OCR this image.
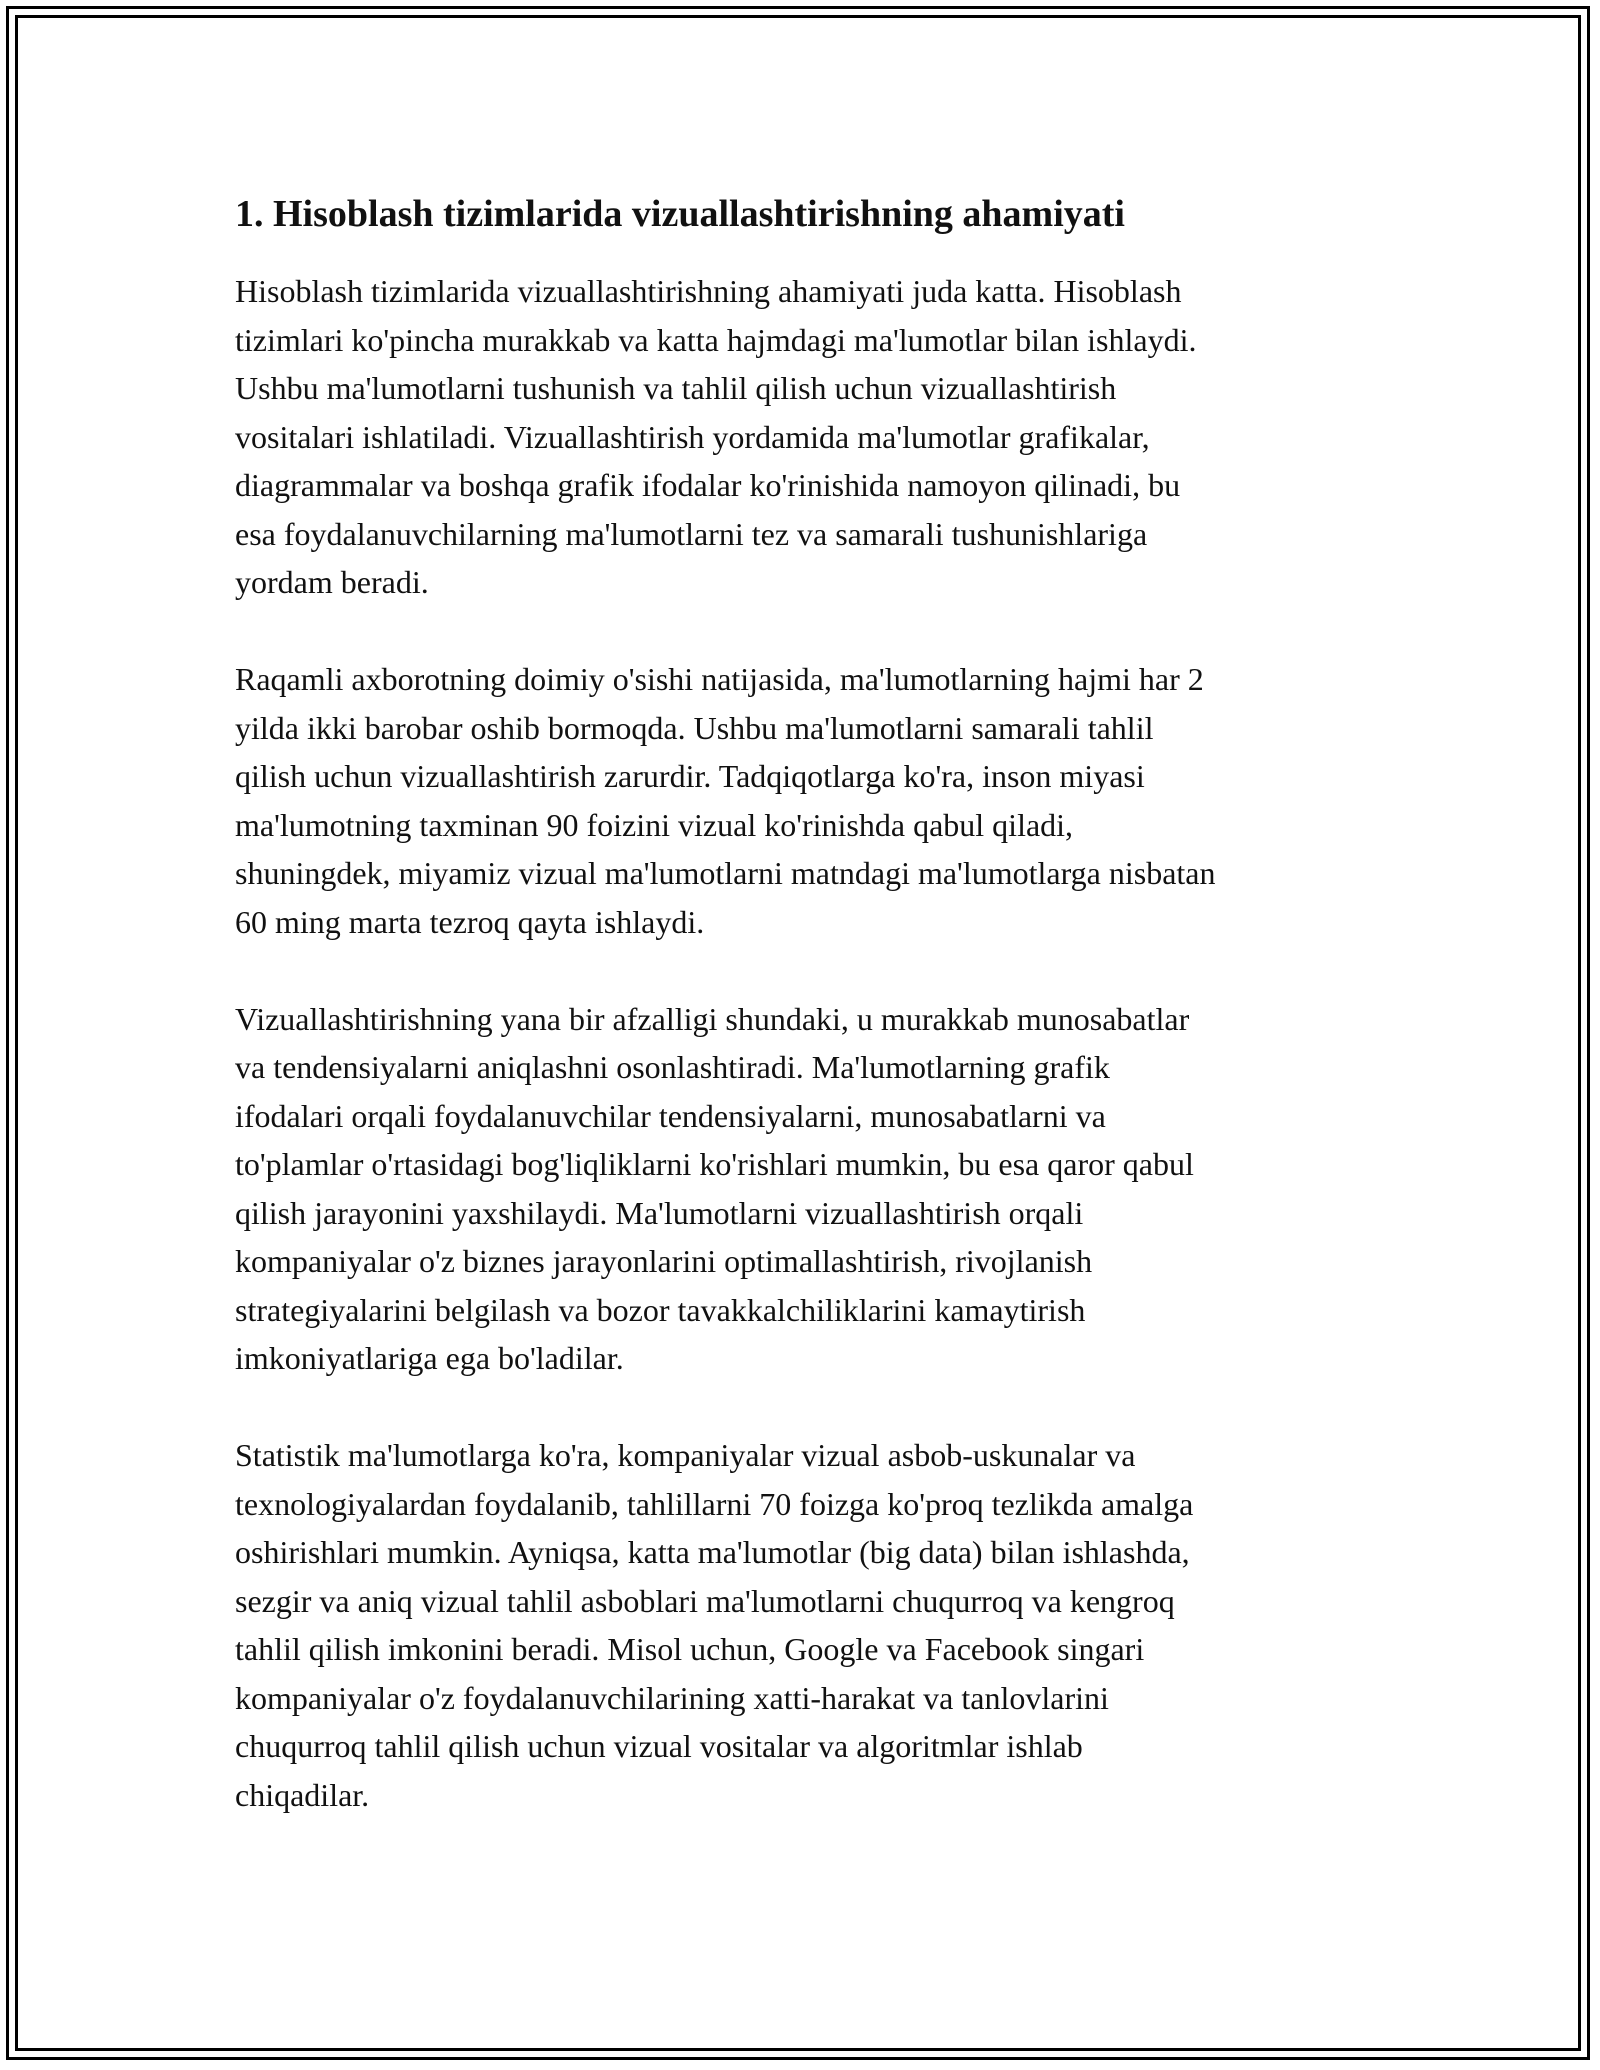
1. Hisoblash tizimlarida vizuallashtirishning ahamiyati
Hisoblash tizimlarida vizuallashtirishning ahamiyati juda katta. Hisoblash
tizimlari ko'pincha murakkab va katta hajmdagi ma'lumotlar bilan ishlaydi.
Ushbu ma'lumotlarni tushunish va tahlil qilish uchun vizuallashtirish
vositalari ishlatiladi. Vizuallashtirish yordamida ma'lumotlar grafikalar,
diagrammalar va boshqa grafik ifodalar ko'rinishida namoyon qilinadi, bu
esa foydalanuvchilarning ma'lumotlarni tez va samarali tushunishlariga
yordam beradi.
Raqamli axborotning doimiy o'sishi natijasida, ma'lumotlarning hajmi har 2
yilda ikki barobar oshib bormoqda. Ushbu ma'lumotlarni samarali tahlil
qilish uchun vizuallashtirish zarurdir. Tadqiqotlarga ko'ra, inson miyasi
ma'lumotning taxminan 90 foizini vizual ko'rinishda qabul qiladi,
shuningdek, miyamiz vizual ma'lumotlarni matndagi ma'lumotlarga nisbatan
60 ming marta tezroq qayta ishlaydi.
Vizuallashtirishning yana bir afzalligi shundaki, u murakkab munosabatlar
va tendensiyalarni aniqlashni osonlashtiradi. Ma'lumotlarning grafik
ifodalari orqali foydalanuvchilar tendensiyalarni, munosabatlarni va
to'plamlar o'rtasidagi bog'liqliklarni ko'rishlari mumkin, bu esa qaror qabul
qilish jarayonini yaxshilaydi. Ma'lumotlarni vizuallashtirish orqali
kompaniyalar o'z biznes jarayonlarini optimallashtirish, rivojlanish
strategiyalarini belgilash va bozor tavakkalchiliklarini kamaytirish
imkoniyatlariga ega bo'ladilar.
Statistik ma'lumotlarga ko'ra, kompaniyalar vizual asbob-uskunalar va
texnologiyalardan foydalanib, tahlillarni 70 foizga ko'proq tezlikda amalga
oshirishlari mumkin. Ayniqsa, katta ma'lumotlar (big data) bilan ishlashda,
sezgir va aniq vizual tahlil asboblari ma'lumotlarni chuqurroq va kengroq
tahlil qilish imkonini beradi. Misol uchun, Google va Facebook singari
kompaniyalar o'z foydalanuvchilarining xatti-harakat va tanlovlarini
chuqurroq tahlil qilish uchun vizual vositalar va algoritmlar ishlab
chiqadilar.
